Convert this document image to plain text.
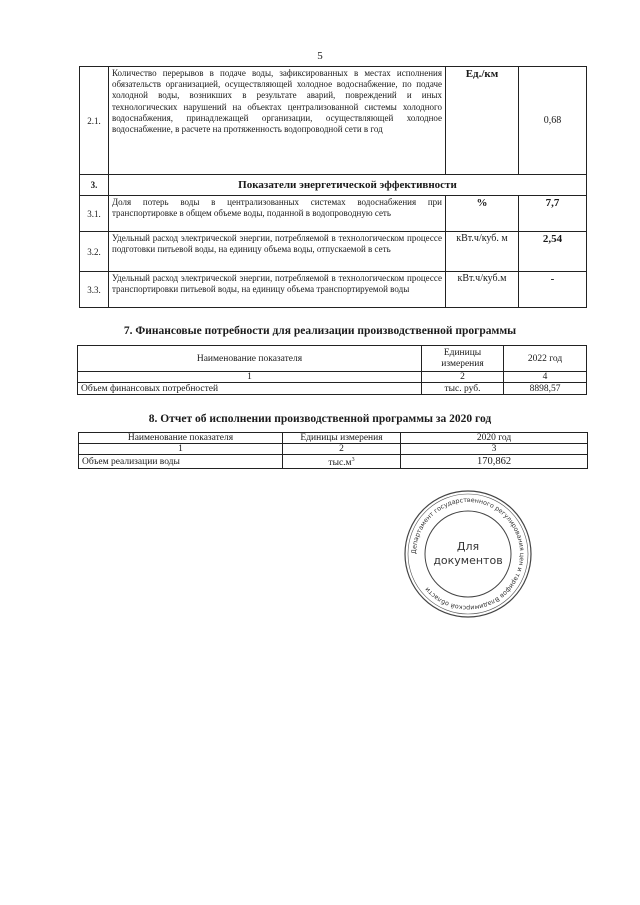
5
2.1.	Количество перерывов в подаче воды, зафиксированных в местах исполнения обязательств организацией, осуществляющей холодное водоснабжение, по подаче холодной воды, возникших в результате аварий, повреждений и иных технологических нарушений на объектах централизованной системы холодного водоснабжения, принадлежащей организации, осуществляющей холодное водоснабжение, в расчете на протяженность водопроводной сети в год	Ед./км	0,68
3.	Показатели энергетической эффективности		
3.1.	Доля потерь воды в централизованных системах водоснабжения при транспортировке в общем объеме воды, поданной в водопроводную сеть	%	7,7
3.2.	Удельный расход электрической энергии, потребляемой в технологическом процессе подготовки питьевой воды, на единицу объема воды, отпускаемой в сеть	кВт.ч/куб. м	2,54
3.3.	Удельный расход электрической энергии, потребляемой в технологическом процессе транспортировки питьевой воды, на единицу объема транспортируемой воды	кВт.ч/куб.м	-
7. Финансовые потребности для реализации производственной программы
Наименование показателя	Единицы измерения	2022 год
1	2	4
Объем финансовых потребностей	тыс. руб.	8898,57
8. Отчет об исполнении производственной программы за 2020 год
Наименование показателя	Единицы измерения	2020 год
1	2	3
Объем реализации воды	$тыс.м^3$	170,862
Департамент государственного регулирования цен и тарифов Владимирской области
Для
документов
